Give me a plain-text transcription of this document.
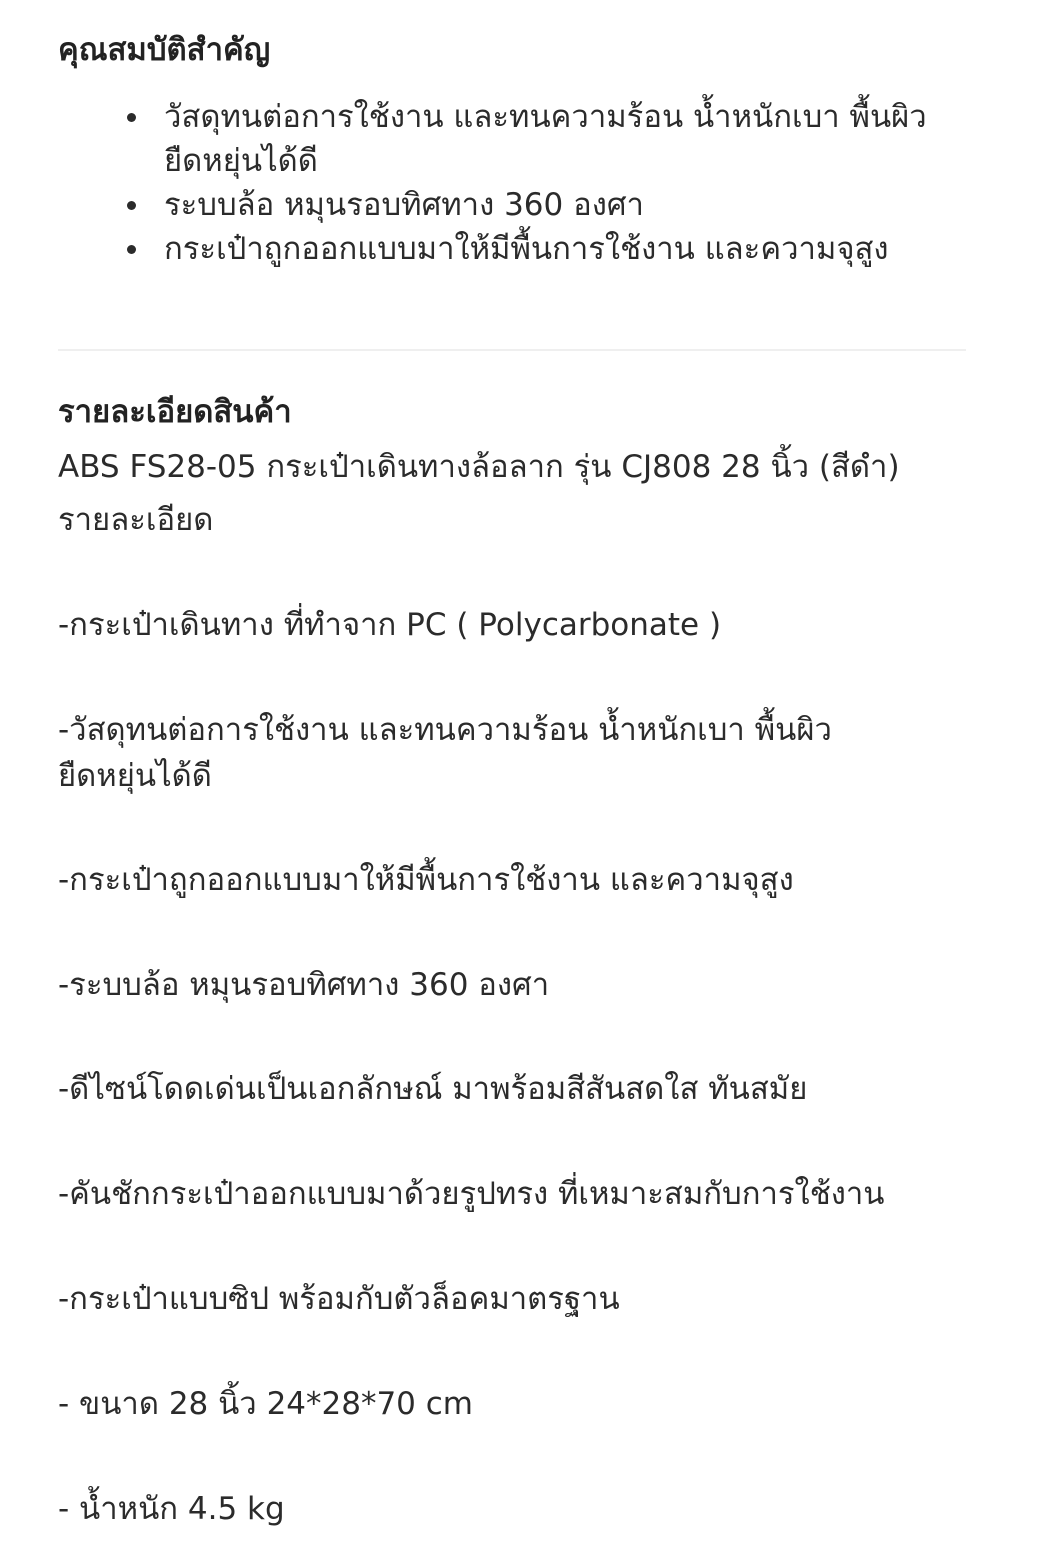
คุณสมบัติสำคัญ
วัสดุทนต่อการใช้งาน และทนความร้อน น้ำหนักเบา พื้นผิวยืดหยุ่นได้ดี
ระบบล้อ หมุนรอบทิศทาง 360 องศา
กระเป๋าถูกออกแบบมาให้มีพื้นการใช้งาน และความจุสูง
รายละเอียดสินค้า

ABS FS28-05 กระเป๋าเดินทางล้อลาก รุ่น CJ808 28 นิ้ว (สีดำ)

รายละเอียด

-กระเป๋าเดินทาง ที่ทำจาก PC ( Polycarbonate )

-วัสดุทนต่อการใช้งาน และทนความร้อน น้ำหนักเบา พื้นผิวยืดหยุ่นได้ดี

-กระเป๋าถูกออกแบบมาให้มีพื้นการใช้งาน และความจุสูง

-ระบบล้อ หมุนรอบทิศทาง 360 องศา

-ดีไซน์โดดเด่นเป็นเอกลักษณ์ มาพร้อมสีสันสดใส ทันสมัย

-คันชักกระเป๋าออกแบบมาด้วยรูปทรง ที่เหมาะสมกับการใช้งาน

-กระเป๋าแบบซิป พร้อมกับตัวล็อคมาตรฐาน

- ขนาด 28 นิ้ว 24*28*70 cm

- น้ำหนัก 4.5 kg
